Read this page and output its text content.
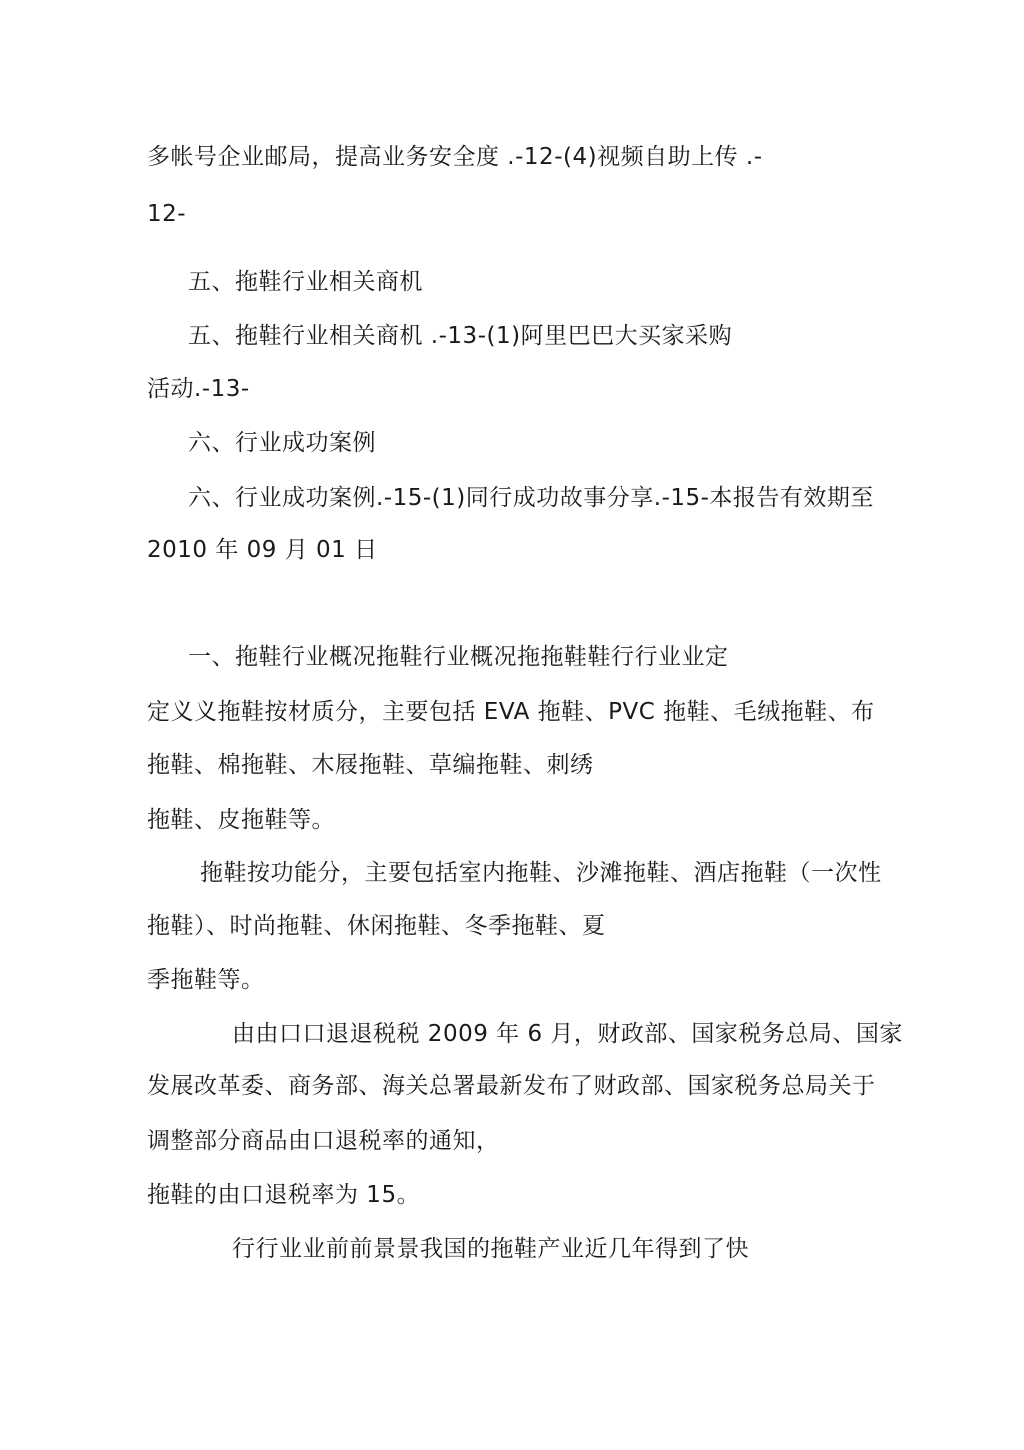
多帐号企业邮局，提高业务安全度 .-12-(4)视频自助上传 .-
12-
五、拖鞋行业相关商机
五、拖鞋行业相关商机 .-13-(1)阿里巴巴大买家采购
活动.-13-
六、行业成功案例
六、行业成功案例.-15-(1)同行成功故事分享.-15-本报告有效期至
2010 年 09 月 01 日
一、拖鞋行业概况拖鞋行业概况拖拖鞋鞋行行业业定
定义义拖鞋按材质分，主要包括 EVA 拖鞋、PVC 拖鞋、毛绒拖鞋、布
拖鞋、棉拖鞋、木屐拖鞋、草编拖鞋、刺绣
拖鞋、皮拖鞋等。
拖鞋按功能分，主要包括室内拖鞋、沙滩拖鞋、酒店拖鞋（一次性
拖鞋）、时尚拖鞋、休闲拖鞋、冬季拖鞋、夏
季拖鞋等。
由由口口退退税税 2009 年 6 月，财政部、国家税务总局、国家
发展改革委、商务部、海关总署最新发布了财政部、国家税务总局关于
调整部分商品由口退税率的通知，
拖鞋的由口退税率为 15。
行行业业前前景景我国的拖鞋产业近几年得到了快
